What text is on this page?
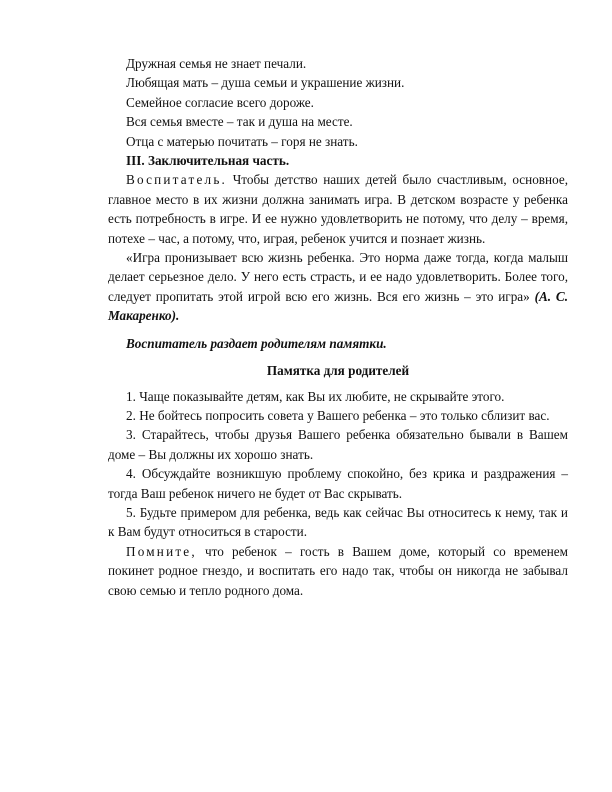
Дружная семья не знает печали.

Любящая мать – душа семьи и украшение жизни.

Семейное согласие всего дороже.

Вся семья вместе – так и душа на месте.

Отца с матерью почитать – горя не знать.

III. Заключительная часть.

Воспитатель. Чтобы детство наших детей было счастливым, основное, главное место в их жизни должна занимать игра. В детском возрасте у ребенка есть потребность в игре. И ее нужно удовлетворить не потому, что делу – время, потехе – час, а потому, что, играя, ребенок учится и познает жизнь.

«Игра пронизывает всю жизнь ребенка. Это норма даже тогда, когда малыш делает серьезное дело. У него есть страсть, и ее надо удовлетворить. Более того, следует пропитать этой игрой всю его жизнь. Вся его жизнь – это игра» (А. С. Макаренко).

Воспитатель раздает родителям памятки.

Памятка для родителей

1. Чаще показывайте детям, как Вы их любите, не скрывайте этого.

2. Не бойтесь попросить совета у Вашего ребенка – это только сблизит вас.

3. Старайтесь, чтобы друзья Вашего ребенка обязательно бывали в Вашем доме – Вы должны их хорошо знать.

4. Обсуждайте возникшую проблему спокойно, без крика и раздражения – тогда Ваш ребенок ничего не будет от Вас скрывать.

5. Будьте примером для ребенка, ведь как сейчас Вы относитесь к нему, так и к Вам будут относиться в старости.

Помните, что ребенок – гость в Вашем доме, который со временем покинет родное гнездо, и воспитать его надо так, чтобы он никогда не забывал свою семью и тепло родного дома.
